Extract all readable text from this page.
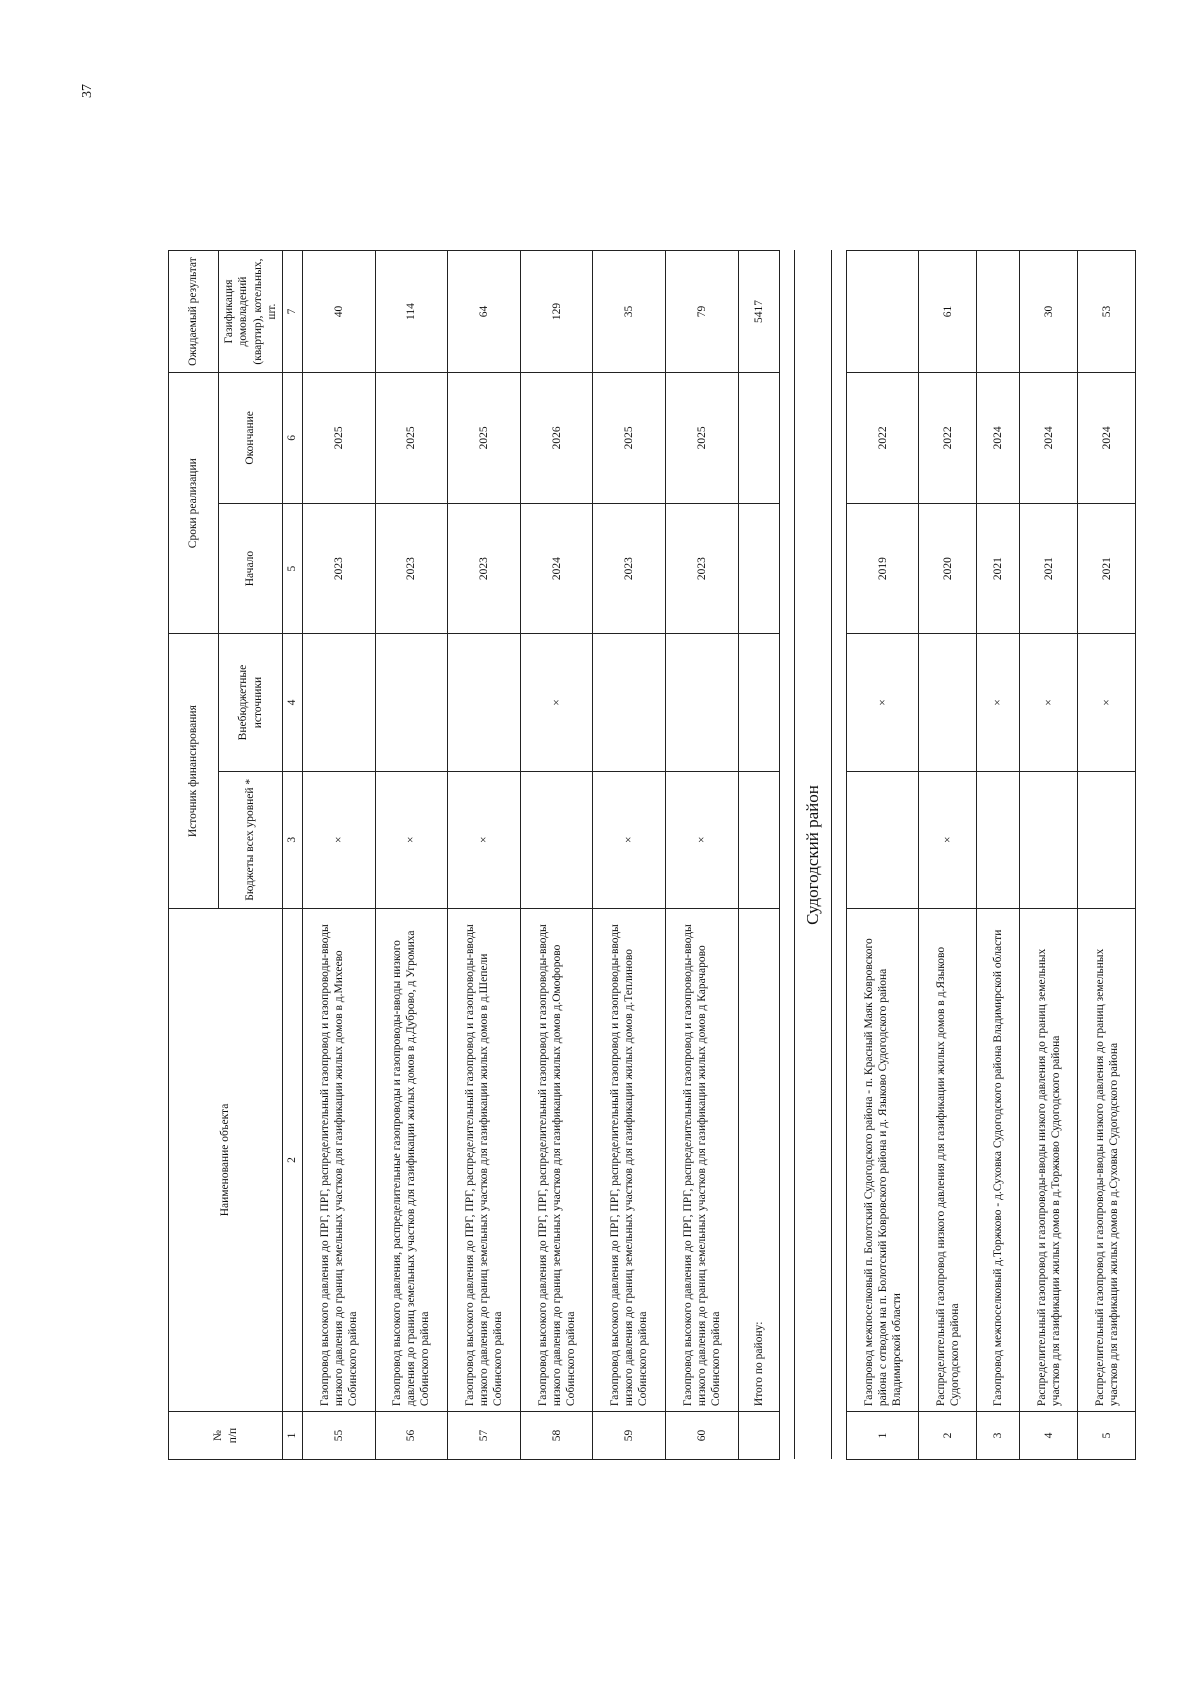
37
№
п/п	Наименование объекта	Источник финансирования		Сроки реализации		Ожидаемый результат
		Бюджеты всех уровней *	Внебюджетные источники	Начало	Окончание	Газификация домовладений (квартир), котельных, шт.
1	2	3	4	5	6	7
55	Газопровод высокого давления до ПРГ, ПРГ, распределительный газопровод и газопроводы-вводы низкого давления до границ земельных участков для газификации жилых домов в д.Михеево Собинского района	×		2023	2025	40
56	Газопровод высокого давления, распределительные газопроводы и газопроводы-вводы низкого давления до границ земельных участков для газификации жилых домов в д.Дуброво, д Угромиха Собинского района	×		2023	2025	114
57	Газопровод высокого давления до ПРГ, ПРГ, распределительный газопровод и газопроводы-вводы низкого давления до границ земельных участков для газификации жилых домов в д.Шепели Собинского района	×		2023	2025	64
58	Газопровод высокого давления до ПРГ, ПРГ, распределительный газопровод и газопроводы-вводы низкого давления до границ земельных участков для газификации жилых домов д.Омофорово Собинского района		×	2024	2026	129
59	Газопровод высокого давления до ПРГ, ПРГ, распределительный газопровод и газопроводы-вводы низкого давления до границ земельных участков для газификации жилых домов д.Теплиново Собинского района	×		2023	2025	35
60	Газопровод высокого давления до ПРГ, ПРГ, распределительный газопровод и газопроводы-вводы низкого давления до границ земельных участков для газификации жилых домов д Карачарово Собинского района	×		2023	2025	79
	Итого по району:					5417

Судогодский район						

1	Газопровод межпоселковый п. Болотский Судогодского района - п. Красный Маяк Ковровского района с отводом на п. Болотский Ковровского района и д. Языково Судогодского района Владимирской области		×	2019	2022	
2	Распределительный газопровод низкого давления для газификации жилых домов в д.Языково Судогодского района	×		2020	2022	61
3	Газопровод межпоселковый д.Торжково - д.Суховка Судогодского района Владимирской области		×	2021	2024	
4	Распределительный газопровод и газопроводы-вводы низкого давления до границ земельных участков для газификации жилых домов в д.Торжково Судогодского района		×	2021	2024	30
5	Распределительный газопровод и газопроводы-вводы низкого давления до границ земельных участков для газификации жилых домов в д.Суховка Судогодского района		×	2021	2024	53
